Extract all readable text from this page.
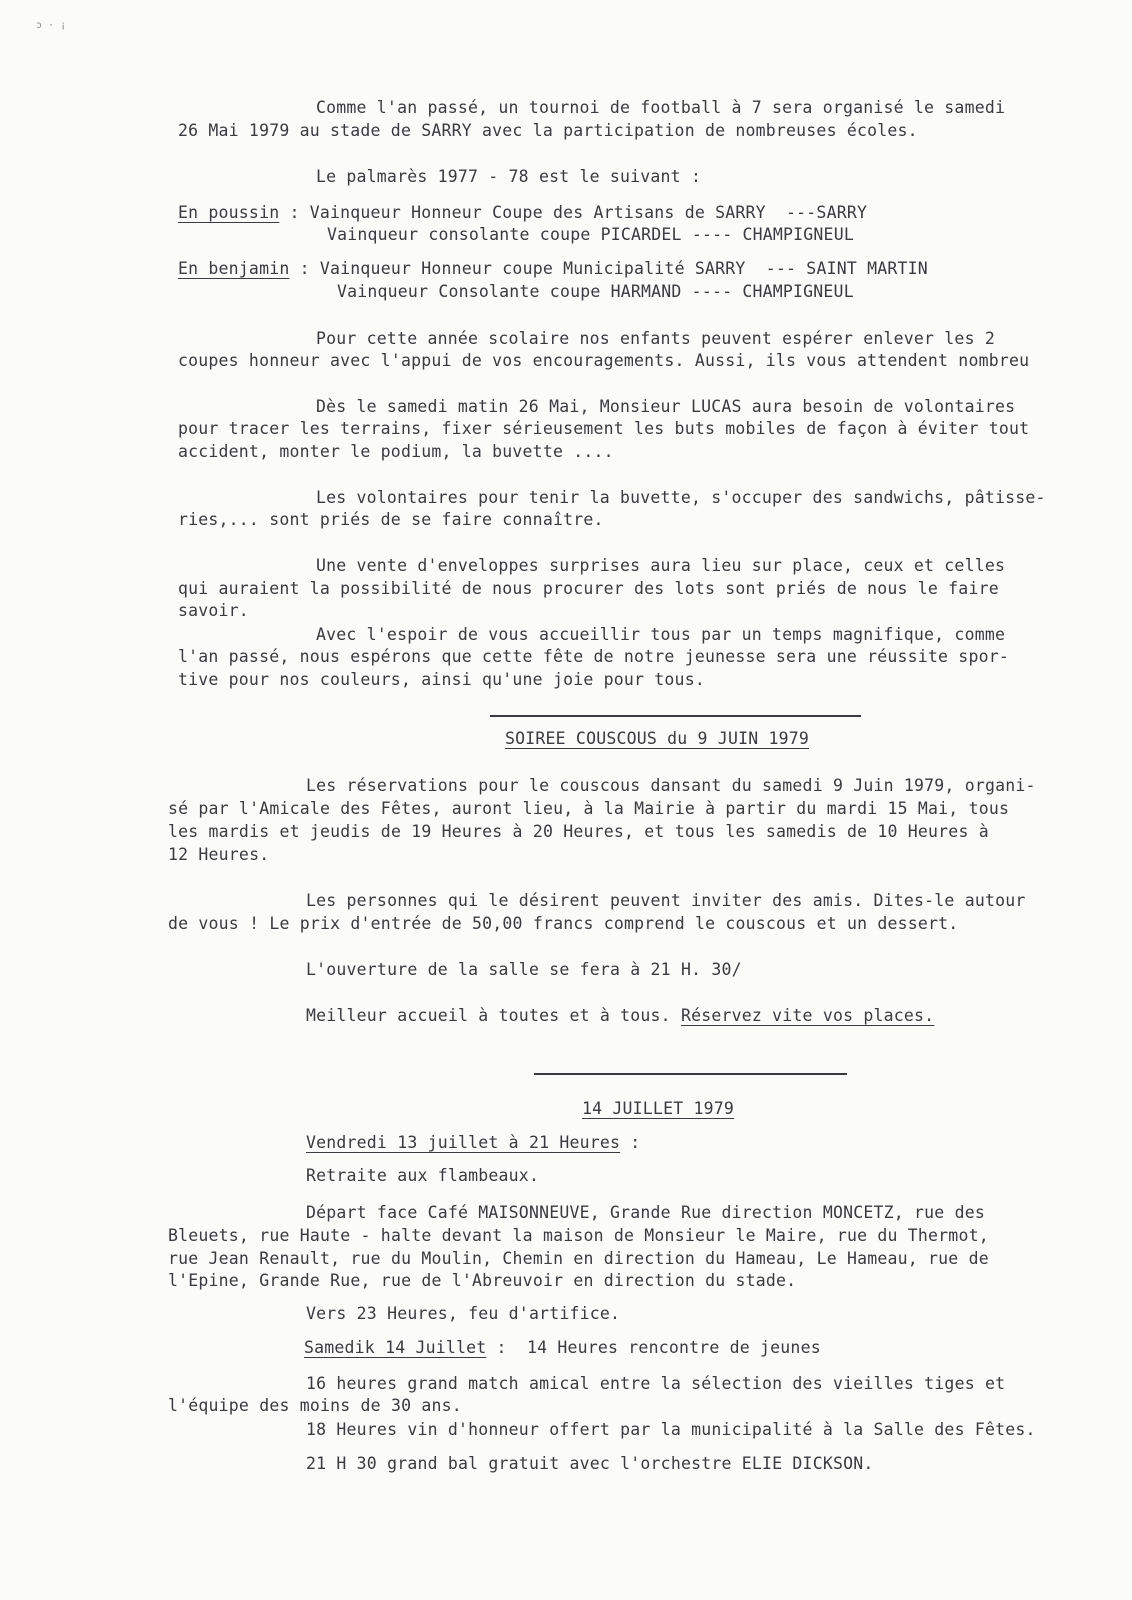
ɔ · ¡
Comme l'an passé, un tournoi de football à 7 sera organisé le samedi
26 Mai 1979 au stade de SARRY avec la participation de nombreuses écoles.
Le palmarès 1977 - 78 est le suivant :
En poussin : Vainqueur Honneur Coupe des Artisans de SARRY  ---SARRY
Vainqueur consolante coupe PICARDEL ---- CHAMPIGNEUL
En benjamin : Vainqueur Honneur coupe Municipalité SARRY  --- SAINT MARTIN
Vainqueur Consolante coupe HARMAND ---- CHAMPIGNEUL
Pour cette année scolaire nos enfants peuvent espérer enlever les 2
coupes honneur avec l'appui de vos encouragements. Aussi, ils vous attendent nombreu
Dès le samedi matin 26 Mai, Monsieur LUCAS aura besoin de volontaires
pour tracer les terrains, fixer sérieusement les buts mobiles de façon à éviter tout
accident, monter le podium, la buvette ....
Les volontaires pour tenir la buvette, s'occuper des sandwichs, pâtisse-
ries,... sont priés de se faire connaître.
Une vente d'enveloppes surprises aura lieu sur place, ceux et celles
qui auraient la possibilité de nous procurer des lots sont priés de nous le faire
savoir.
Avec l'espoir de vous accueillir tous par un temps magnifique, comme
l'an passé, nous espérons que cette fête de notre jeunesse sera une réussite spor-
tive pour nos couleurs, ainsi qu'une joie pour tous.
SOIREE COUSCOUS du 9 JUIN 1979
Les réservations pour le couscous dansant du samedi 9 Juin 1979, organi-
sé par l'Amicale des Fêtes, auront lieu, à la Mairie à partir du mardi 15 Mai, tous
les mardis et jeudis de 19 Heures à 20 Heures, et tous les samedis de 10 Heures à
12 Heures.
Les personnes qui le désirent peuvent inviter des amis. Dites-le autour
de vous ! Le prix d'entrée de 50,00 francs comprend le couscous et un dessert.
L'ouverture de la salle se fera à 21 H. 30/
Meilleur accueil à toutes et à tous. Réservez vite vos places.
14 JUILLET 1979
Vendredi 13 juillet à 21 Heures :
Retraite aux flambeaux.
Départ face Café MAISONNEUVE, Grande Rue direction MONCETZ, rue des
Bleuets, rue Haute - halte devant la maison de Monsieur le Maire, rue du Thermot,
rue Jean Renault, rue du Moulin, Chemin en direction du Hameau, Le Hameau, rue de
l'Epine, Grande Rue, rue de l'Abreuvoir en direction du stade.
Vers 23 Heures, feu d'artifice.
Samedik 14 Juillet :  14 Heures rencontre de jeunes
16 heures grand match amical entre la sélection des vieilles tiges et
l'équipe des moins de 30 ans.
18 Heures vin d'honneur offert par la municipalité à la Salle des Fêtes.
21 H 30 grand bal gratuit avec l'orchestre ELIE DICKSON.
